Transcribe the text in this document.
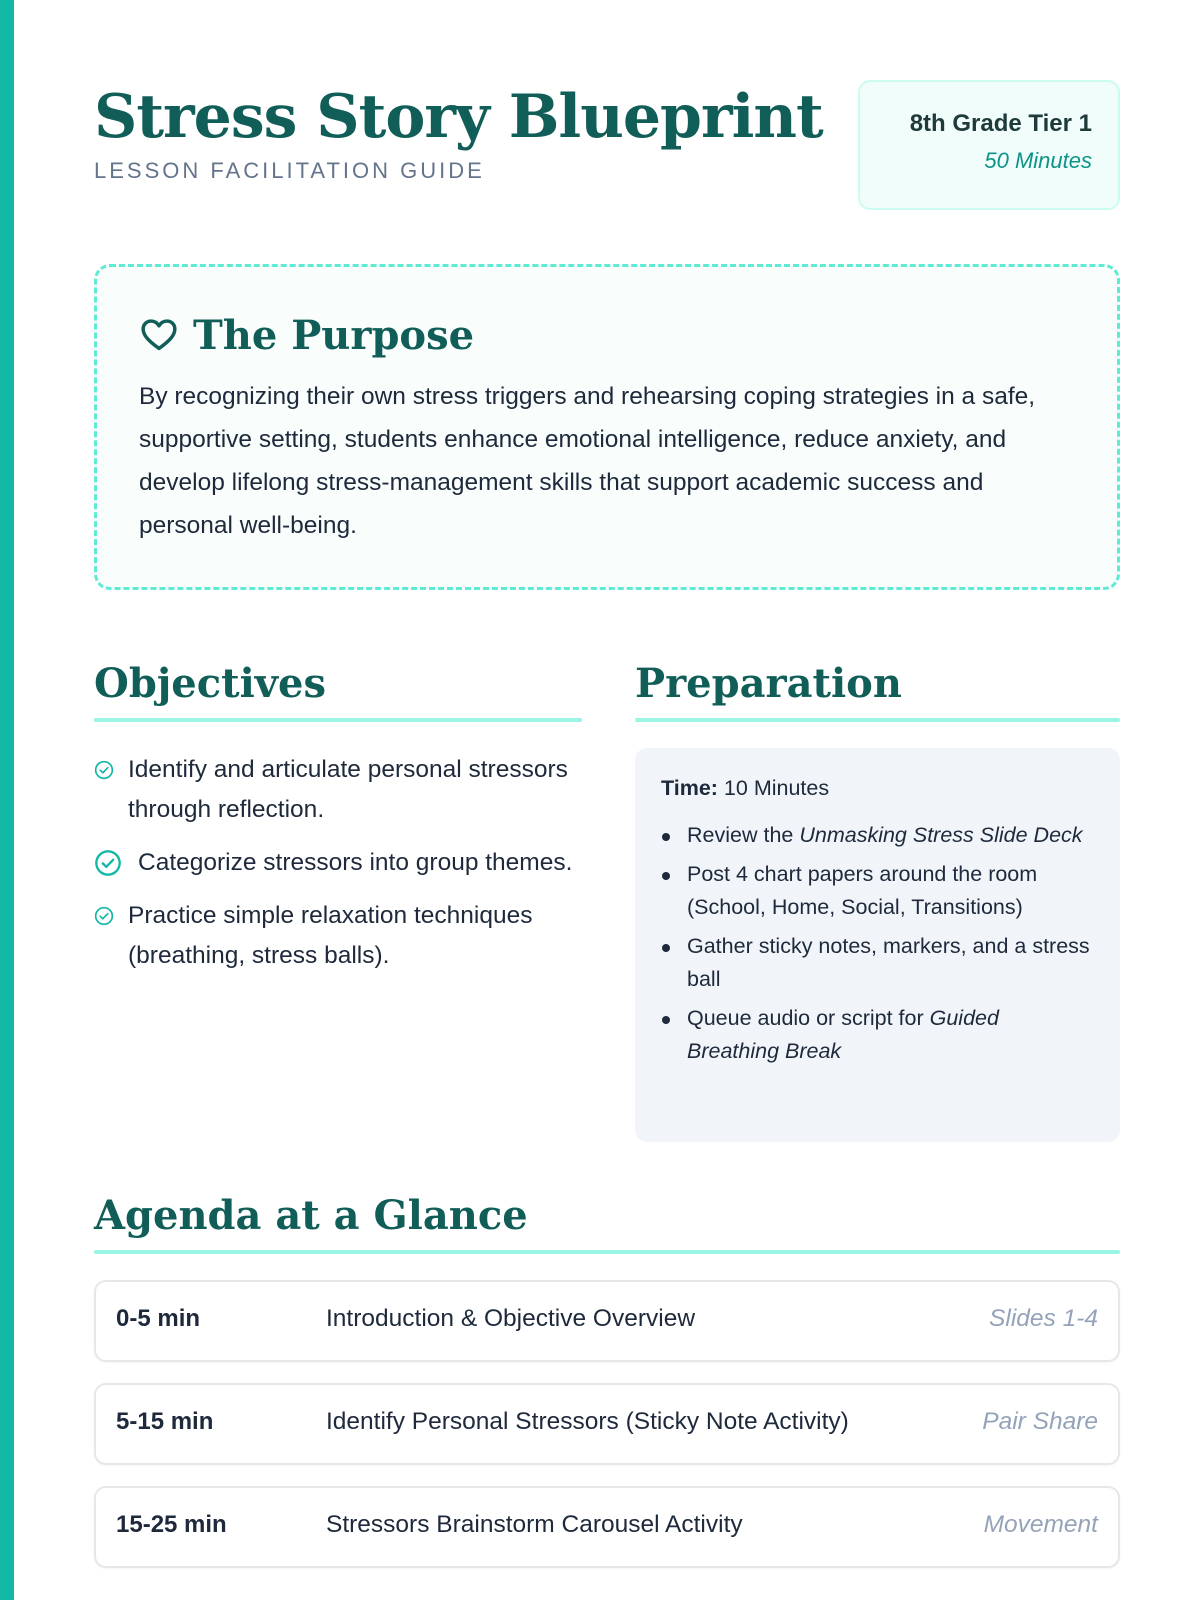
Stress Story Blueprint
LESSON FACILITATION GUIDE
8th Grade Tier 1
50 Minutes
The Purpose

By recognizing their own stress triggers and rehearsing coping strategies in a safe, supportive setting, students enhance emotional intelligence, reduce anxiety, and develop lifelong stress-management skills that support academic success and personal well-being.

Objectives
Identify and articulate personal stressors through reflection.
Categorize stressors into group themes.
Practice simple relaxation techniques (breathing, stress balls).
Preparation
Time: 10 Minutes
Review the Unmasking Stress Slide Deck
Post 4 chart papers around the room (School, Home, Social, Transitions)
Gather sticky notes, markers, and a stress ball
Queue audio or script for Guided Breathing Break
Agenda at a Glance
0-5 min	Introduction & Objective Overview	Slides 1-4
5-15 min	Identify Personal Stressors (Sticky Note Activity)	Pair Share
15-25 min	Stressors Brainstorm Carousel Activity	Movement
